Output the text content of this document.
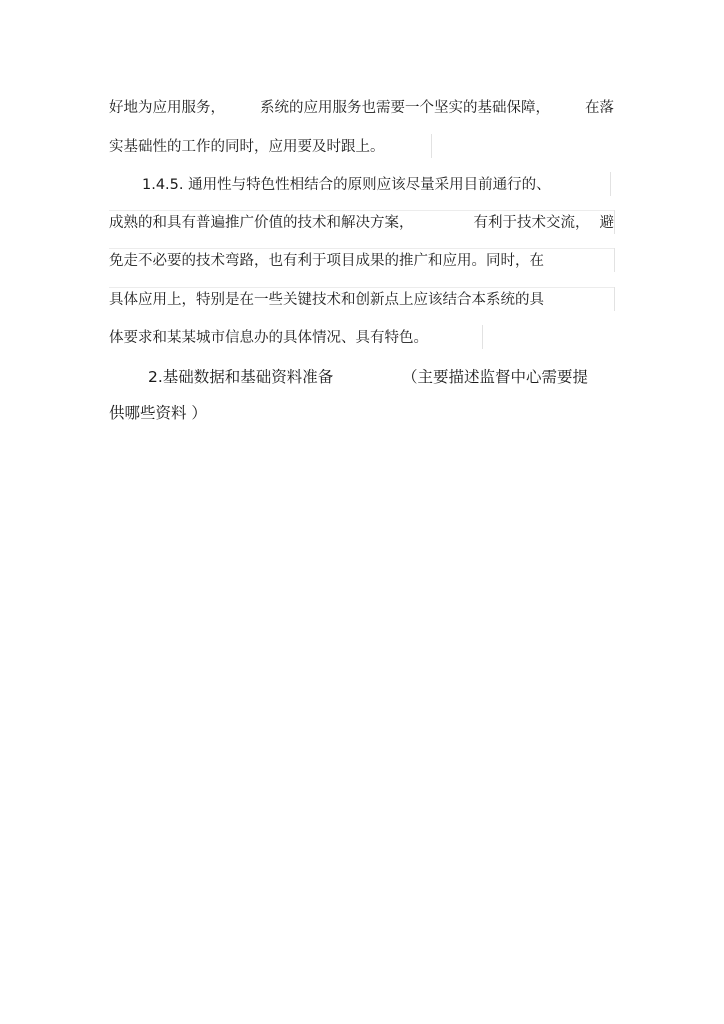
好地为应用服务， 系统的应用服务也需要一个坚实的基础保障， 在落
实基础性的工作的同时，应用要及时跟上。
1.4.5. 通用性与特色性相结合的原则应该尽量采用目前通行的、
成熟的和具有普遍推广价值的技术和解决方案，	有利于技术交流， 避
免走不必要的技术弯路，也有利于项目成果的推广和应用。同时，在
具体应用上，特别是在一些关键技术和创新点上应该结合本系统的具
体要求和某某城市信息办的具体情况、具有特色。
2.基础数据和基础资料准备	（主要描述监督中心需要提
供哪些资料 ）
